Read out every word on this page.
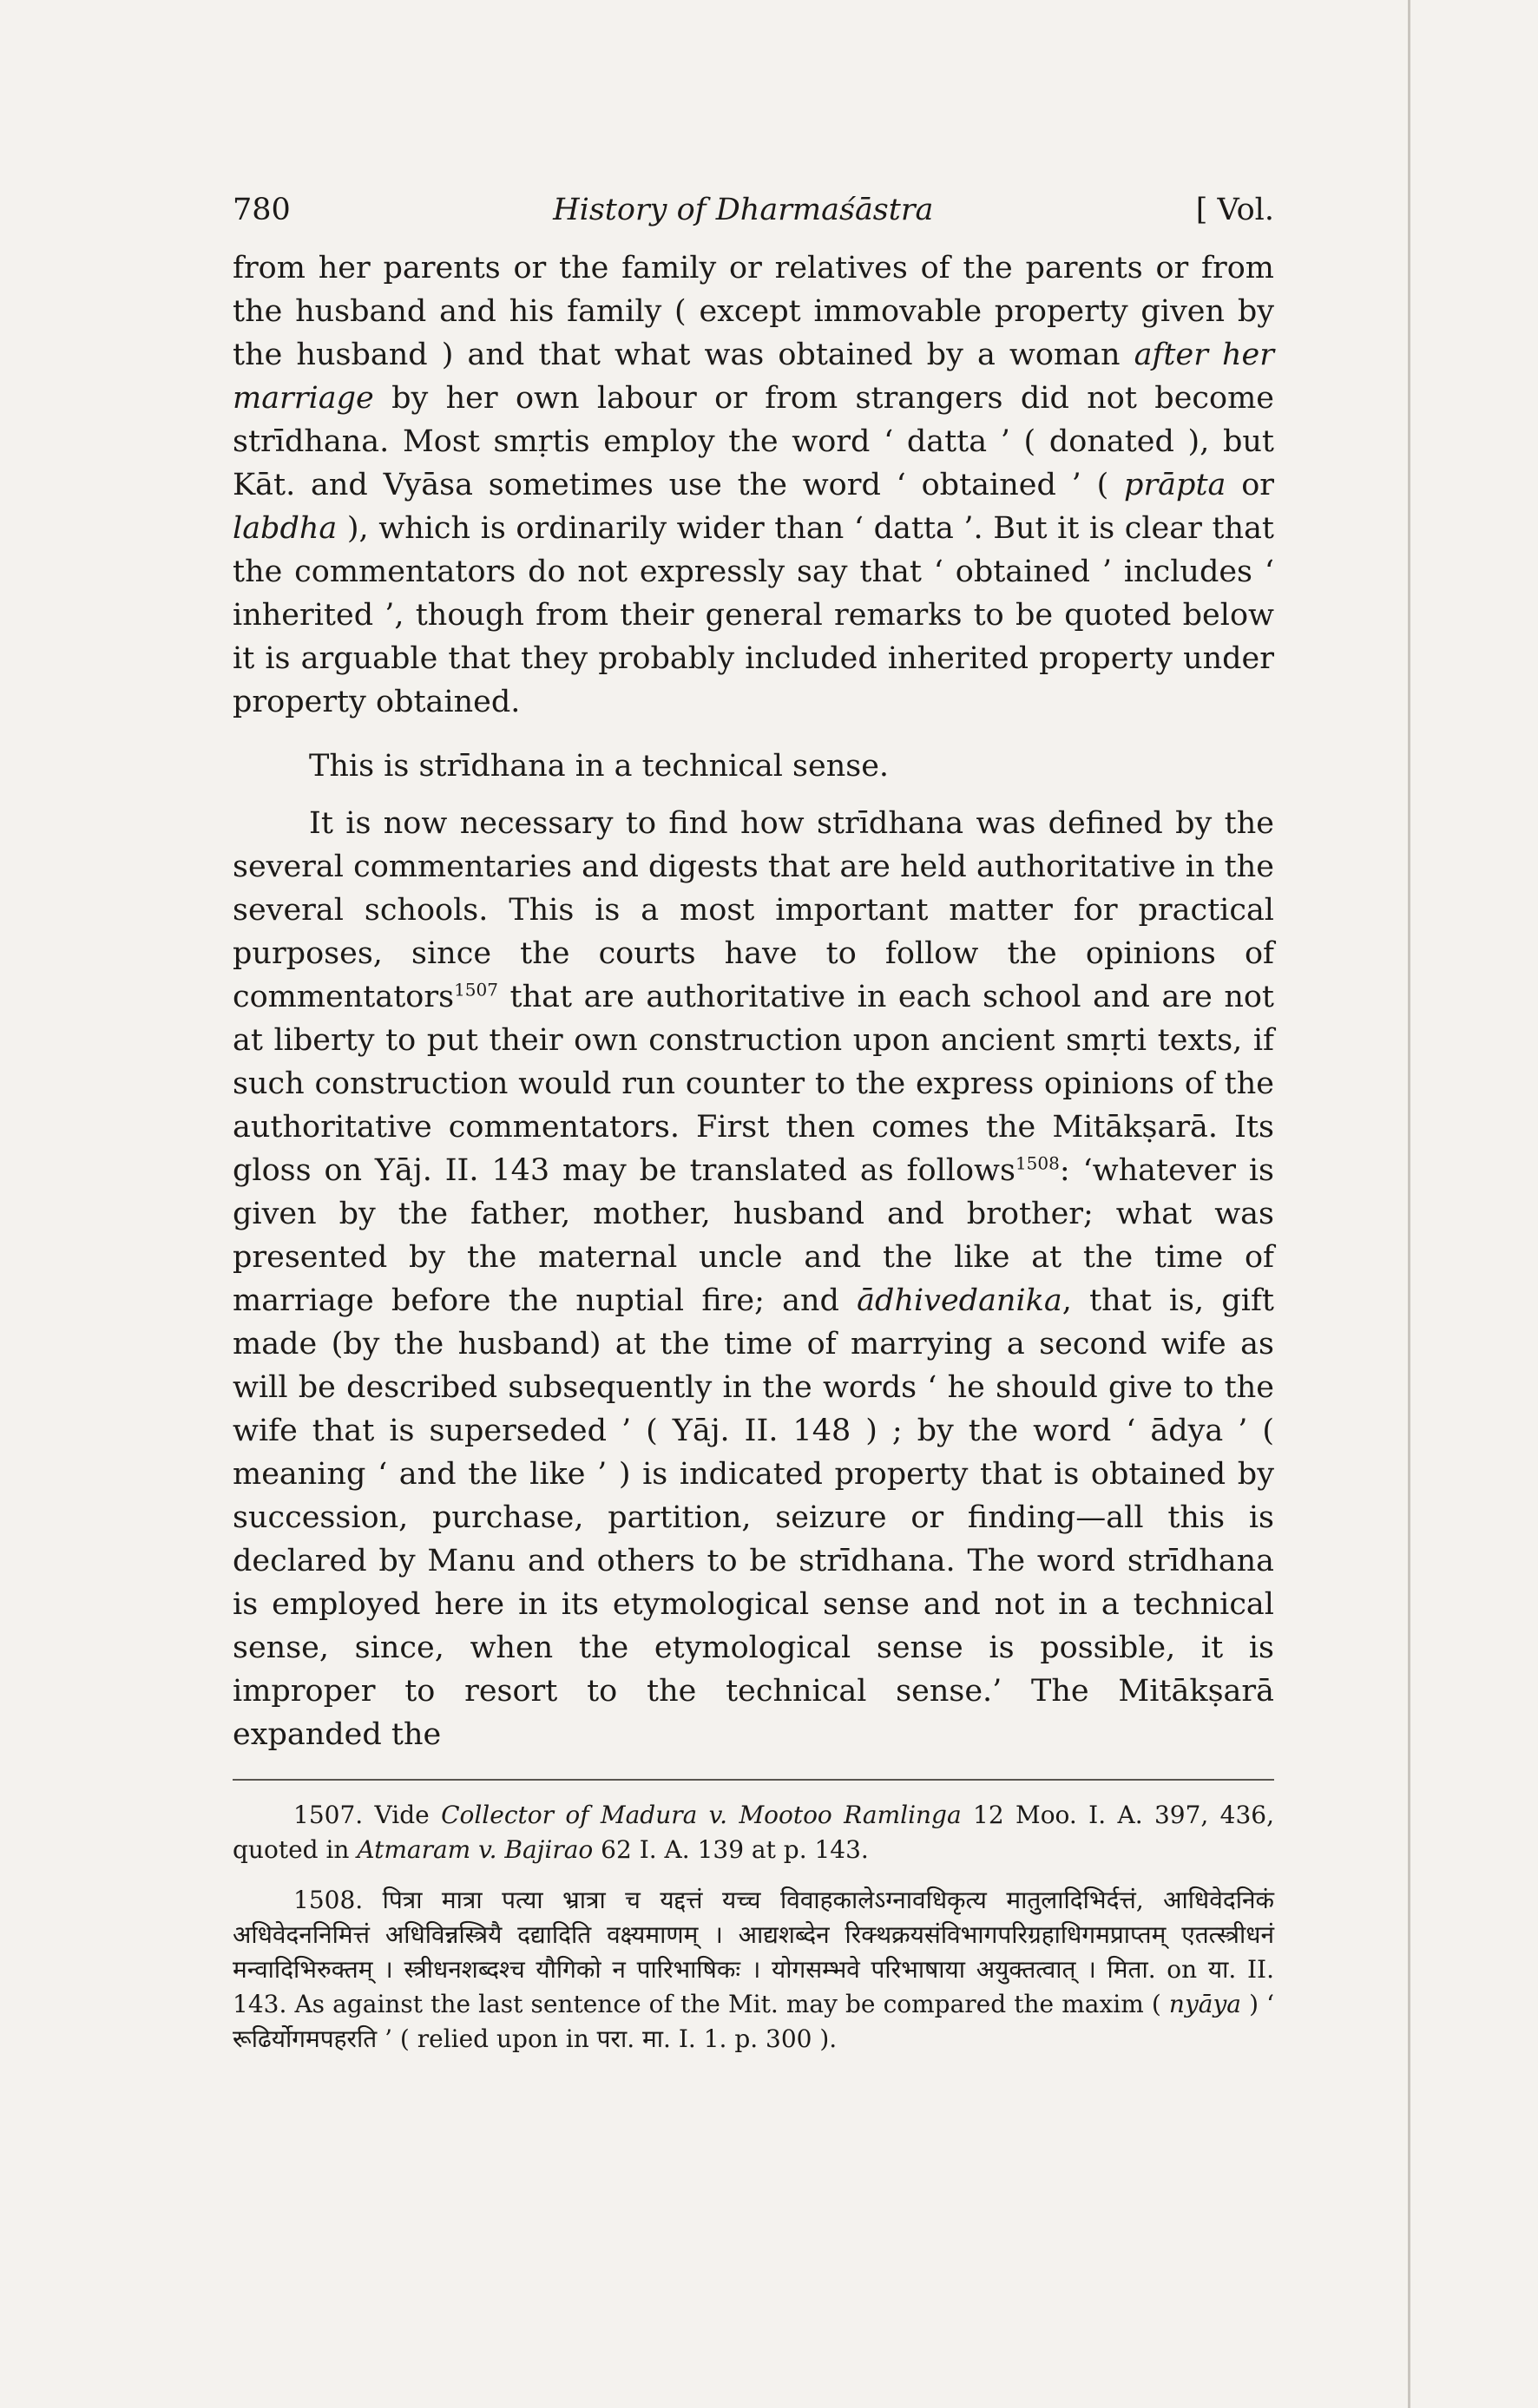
780	History of Dharmaśāstra	[ Vol.

from her parents or the family or relatives of the parents or from the husband and his family ( except immovable property given by the husband ) and that what was obtained by a woman after her marriage by her own labour or from strangers did not become strīdhana. Most smṛtis employ the word ‘ datta ’ ( donated ), but Kāt. and Vyāsa sometimes use the word ‘ obtained ’ ( prāpta or labdha ), which is ordinarily wider than ‘ datta ’. But it is clear that the commentators do not expressly say that ‘ obtained ’ includes ‘ inherited ’, though from their general remarks to be quoted below it is arguable that they probably included inherited property under property obtained.

This is strīdhana in a technical sense.

It is now necessary to find how strīdhana was defined by the several commentaries and digests that are held authoritative in the several schools. This is a most important matter for practical purposes, since the courts have to follow the opinions of commentators$^{1507}$ that are authoritative in each school and are not at liberty to put their own construction upon ancient smṛti texts, if such construction would run counter to the express opinions of the authoritative commentators. First then comes the Mitākṣarā. Its gloss on Yāj. II. 143 may be translated as follows$^{1508}$: ‘whatever is given by the father, mother, husband and brother; what was presented by the maternal uncle and the like at the time of marriage before the nuptial fire; and ādhivedanika, that is, gift made (by the husband) at the time of marrying a second wife as will be described subsequently in the words ‘ he should give to the wife that is superseded ’ ( Yāj. II. 148 ) ; by the word ‘ ādya ’ ( meaning ‘ and the like ’ ) is indicated property that is obtained by succession, purchase, partition, seizure or finding—all this is declared by Manu and others to be strīdhana. The word strīdhana is employed here in its etymological sense and not in a technical sense, since, when the etymological sense is possible, it is improper to resort to the technical sense.’ The Mitākṣarā expanded the

1507. Vide Collector of Madura v. Mootoo Ramlinga 12 Moo. I. A. 397, 436, quoted in Atmaram v. Bajirao 62 I. A. 139 at p. 143.

1508. पित्रा मात्रा पत्या भ्रात्रा च यद्दत्तं यच्च विवाहकालेऽग्नावधिकृत्य मातुलादिभिर्दत्तं, आधिवेदनिकं अधिवेदननिमित्तं अधिविन्नस्त्रियै दद्यादिति वक्ष्यमाणम् । आद्यशब्देन रिक्थक्रयसंविभागपरिग्रहाधिगमप्राप्तम् एतत्स्त्रीधनं मन्वादिभिरुक्तम् । स्त्रीधनशब्दश्च यौगिको न पारिभाषिकः । योगसम्भवे परिभाषाया अयुक्तत्वात् । मिता. on या. II. 143. As against the last sentence of the Mit. may be compared the maxim ( nyāya ) ‘ रूढिर्योगमपहरति ’ ( relied upon in परा. मा. I. 1. p. 300 ).
